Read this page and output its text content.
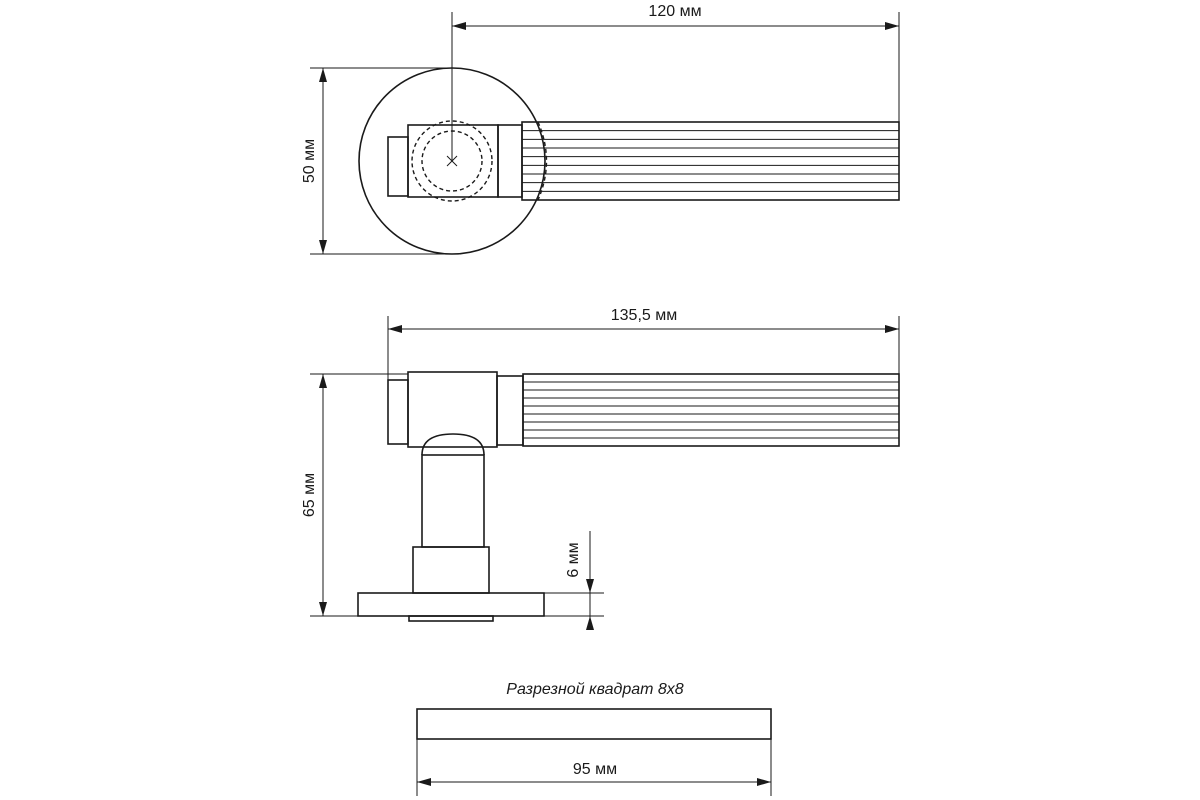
120 мм
50 мм
135,5 мм
65 мм
6 мм
Разрезной квадрат 8x8
95 мм
